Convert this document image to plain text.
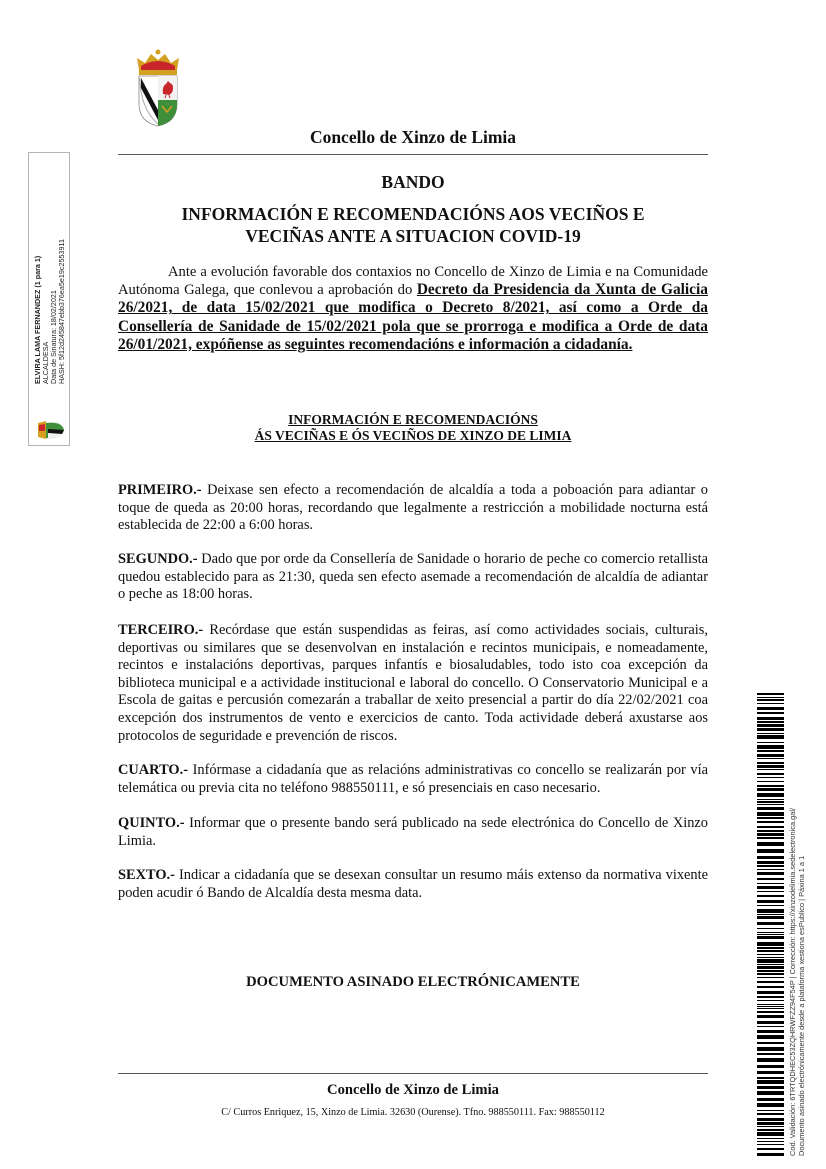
Concello de Xinzo de Limia
BANDO
INFORMACIÓN E RECOMENDACIÓNS AOS VECIÑOS E
VECIÑAS ANTE A SITUACION COVID-19
Ante a evolución favorable dos contaxios no Concello de Xinzo de Limia e na Comunidade Autónoma Galega, que conlevou a aprobación do Decreto da Presidencia da Xunta de Galicia 26/2021, de data 15/02/2021 que modifica o Decreto 8/2021, así como a Orde da Consellería de Sanidade de 15/02/2021 pola que se prorroga e modifica a Orde de data 26/01/2021, expóñense as seguintes recomendacións e información a cidadanía.
INFORMACIÓN E RECOMENDACIÓNS
ÁS VECIÑAS E ÓS VECIÑOS DE XINZO DE LIMIA
PRIMEIRO.- Deixase sen efecto a recomendación de alcaldía a toda a poboación para adiantar o toque de queda as 20:00 horas, recordando que legalmente a restricción a mobilidade nocturna está establecida de 22:00 a 6:00 horas.
SEGUNDO.- Dado que por orde da Consellería de Sanidade o horario de peche co comercio retallista quedou establecido para as 21:30, queda sen efecto asemade a recomendación de alcaldía de adiantar o peche as 18:00 horas.
TERCEIRO.- Recórdase que están suspendidas as feiras, así como actividades sociais, culturais, deportivas ou similares que se desenvolvan en instalación e recintos municipais, e nomeadamente, recintos e instalacións deportivas, parques infantís e biosaludables, todo isto coa excepción da biblioteca municipal e a actividade institucional e laboral do concello. O Conservatorio Municipal e a Escola de gaitas e percusión comezarán a traballar de xeito presencial a partir do día 22/02/2021 coa excepción dos instrumentos de vento e exercicios de canto. Toda actividade deberá axustarse aos protocolos de seguridade e prevención de riscos.
CUARTO.- Infórmase a cidadanía que as relacións administrativas co concello se realizarán por vía telemática ou previa cita no teléfono 988550111, e só presenciais en caso necesario.
QUINTO.- Informar que o presente bando será publicado na sede electrónica do Concello de Xinzo Limia.
SEXTO.- Indicar a cidadanía que se desexan consultar un resumo máis extenso da normativa vixente poden acudir ó Bando de Alcaldía desta mesma data.
DOCUMENTO ASINADO ELECTRÓNICAMENTE
Concello de Xinzo de Limia
C/ Curros Enriquez, 15, Xinzo de Limia. 32630 (Ourense). Tfno. 988550111. Fax: 988550112
ELVIRA LAMA FERNANDEZ (1 para 1) ALCALDESA Data de Sinatura: 18/02/2021 HASH: 5f12d245847ebb376ea5e19c2553911
Cod. Validación: 6TRTQDHEC53ZQHRWFZZ94F54P | Corrección: https://xinzodelimia.sedelectronica.gal/ Documento asinado electrónicamente desde a plataforma xestiona esPublico | Páxina 1 a 1
